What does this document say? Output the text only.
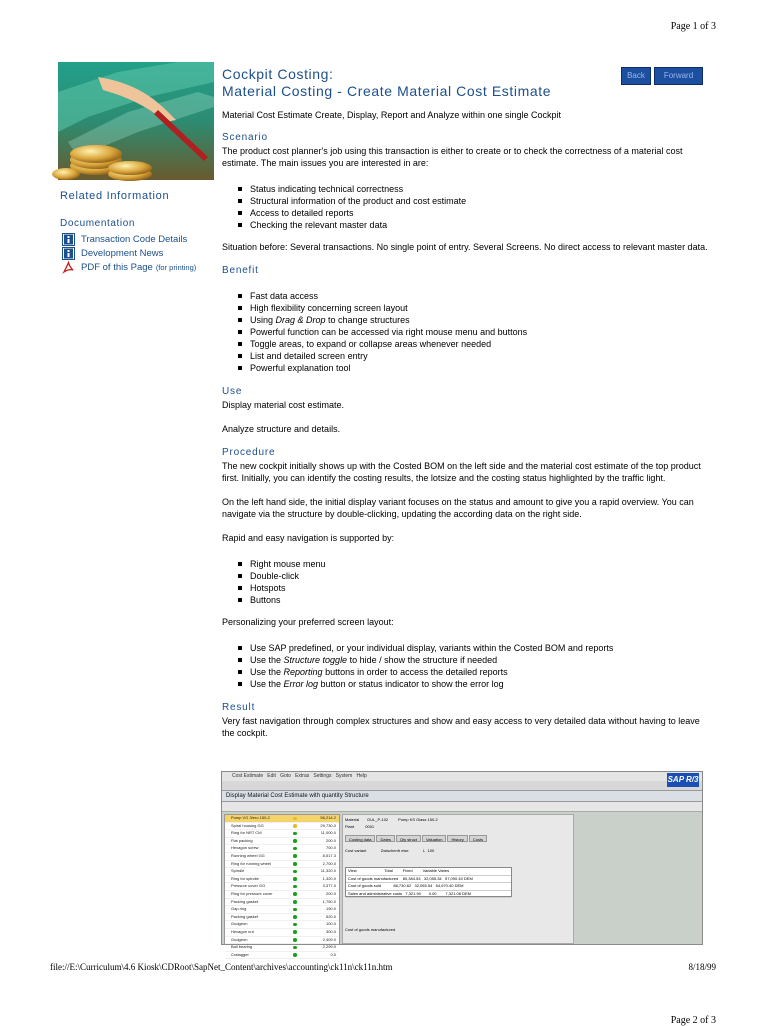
Page 1 of 3
Related Information
Documentation
Transaction Code Details
Development News
PDF of this Page (for printing)
Back	Forward
Cockpit Costing:
Material Costing - Create Material Cost Estimate
Material Cost Estimate Create, Display, Report and Analyze within one single Cockpit
Scenario

The product cost planner's job using this transaction is either to create or to check the correctness of a material cost estimate. The main issues you are interested in are:

Status indicating technical correctness
Structural information of the product and cost estimate
Access to detailed reports
Checking the relevant master data

Situation before: Several transactions. No single point of entry. Several Screens. No direct access to relevant master data.

Benefit
Fast data access
High flexibility concerning screen layout
Using Drag & Drop to change structures
Powerful function can be accessed via right mouse menu and buttons
Toggle areas, to expand or collapse areas whenever needed
List and detailed screen entry
Powerful explanation tool
Use

Display material cost estimate.

Analyze structure and details.

Procedure

The new cockpit initially shows up with the Costed BOM on the left side and the material cost estimate of the top product first. Initially, you can identify the costing results, the lotsize and the costing status highlighted by the traffic light.

On the left hand side, the initial display variant focuses on the status and amount to give you a rapid overview. You can navigate via the structure by double-clicking, updating the according data on the right side.

Rapid and easy navigation is supported by:

Right mouse menu
Double-click
Hotspots
Buttons

Personalizing your preferred screen layout:

Use SAP predefined, or your individual display, variants within the Costed BOM and reports
Use the Structure toggle to hide / show the structure if needed
Use the Reporting buttons in order to access the detailed reports
Use the Error log button or status indicator to show the error log
Result

Very fast navigation through complex structures and show and easy access to very detailed data without having to leave the cockpit.

Cost Estimate   Edit   Goto   Extras   Settings   System   Help
Display Material Cost Estimate with quantity Structure
SAP R/3
Pump VG 3/ero 150-2	56,214.2
Spiral housing GG	29,730.0
Ring for NRT CM	11,000.0
Flat packing	200.0
Hexagon screw	700.0
Running wheel GG	8,517.3
Ring for running wheel	2,700.0
Spindle	11,320.0
Ring for spindle	1,320.0
Pressure cover GG	3,377.0
Ring for pressure cover	200.0
Packing gasket	1,750.0
Gap ring	190.0
Packing gasket	520.0
Gudgeon	100.0
Hexagon nut	300.0
Gudgeon	2,409.0
Ball bearing	2,299.0
Cratagger	0.0
Material GUL_P-102	Pump KS Glass 150-2
Plant	0001
Costing data	Dates	Qty struct	Valuation	History	Costs
Cost variant	Zwischenfr eise	L 100
View	Total	Fixed	Variable Varies
Cost of goods manufactured 80,384.53 32,055.34 57,090.40 DEM
Cost of goods sold	86,730.62 32,055.54 54,670.40 DEM
Sales and administrative costs 7,321.90 0.00 7,321.06 DEM
Cost of goods manufactured
file://E:\Curriculum\4.6 Kiosk\CDRoot\SapNet_Content\archives\accounting\ck11n\ck11n.htm	8/18/99
Page 2 of 3
